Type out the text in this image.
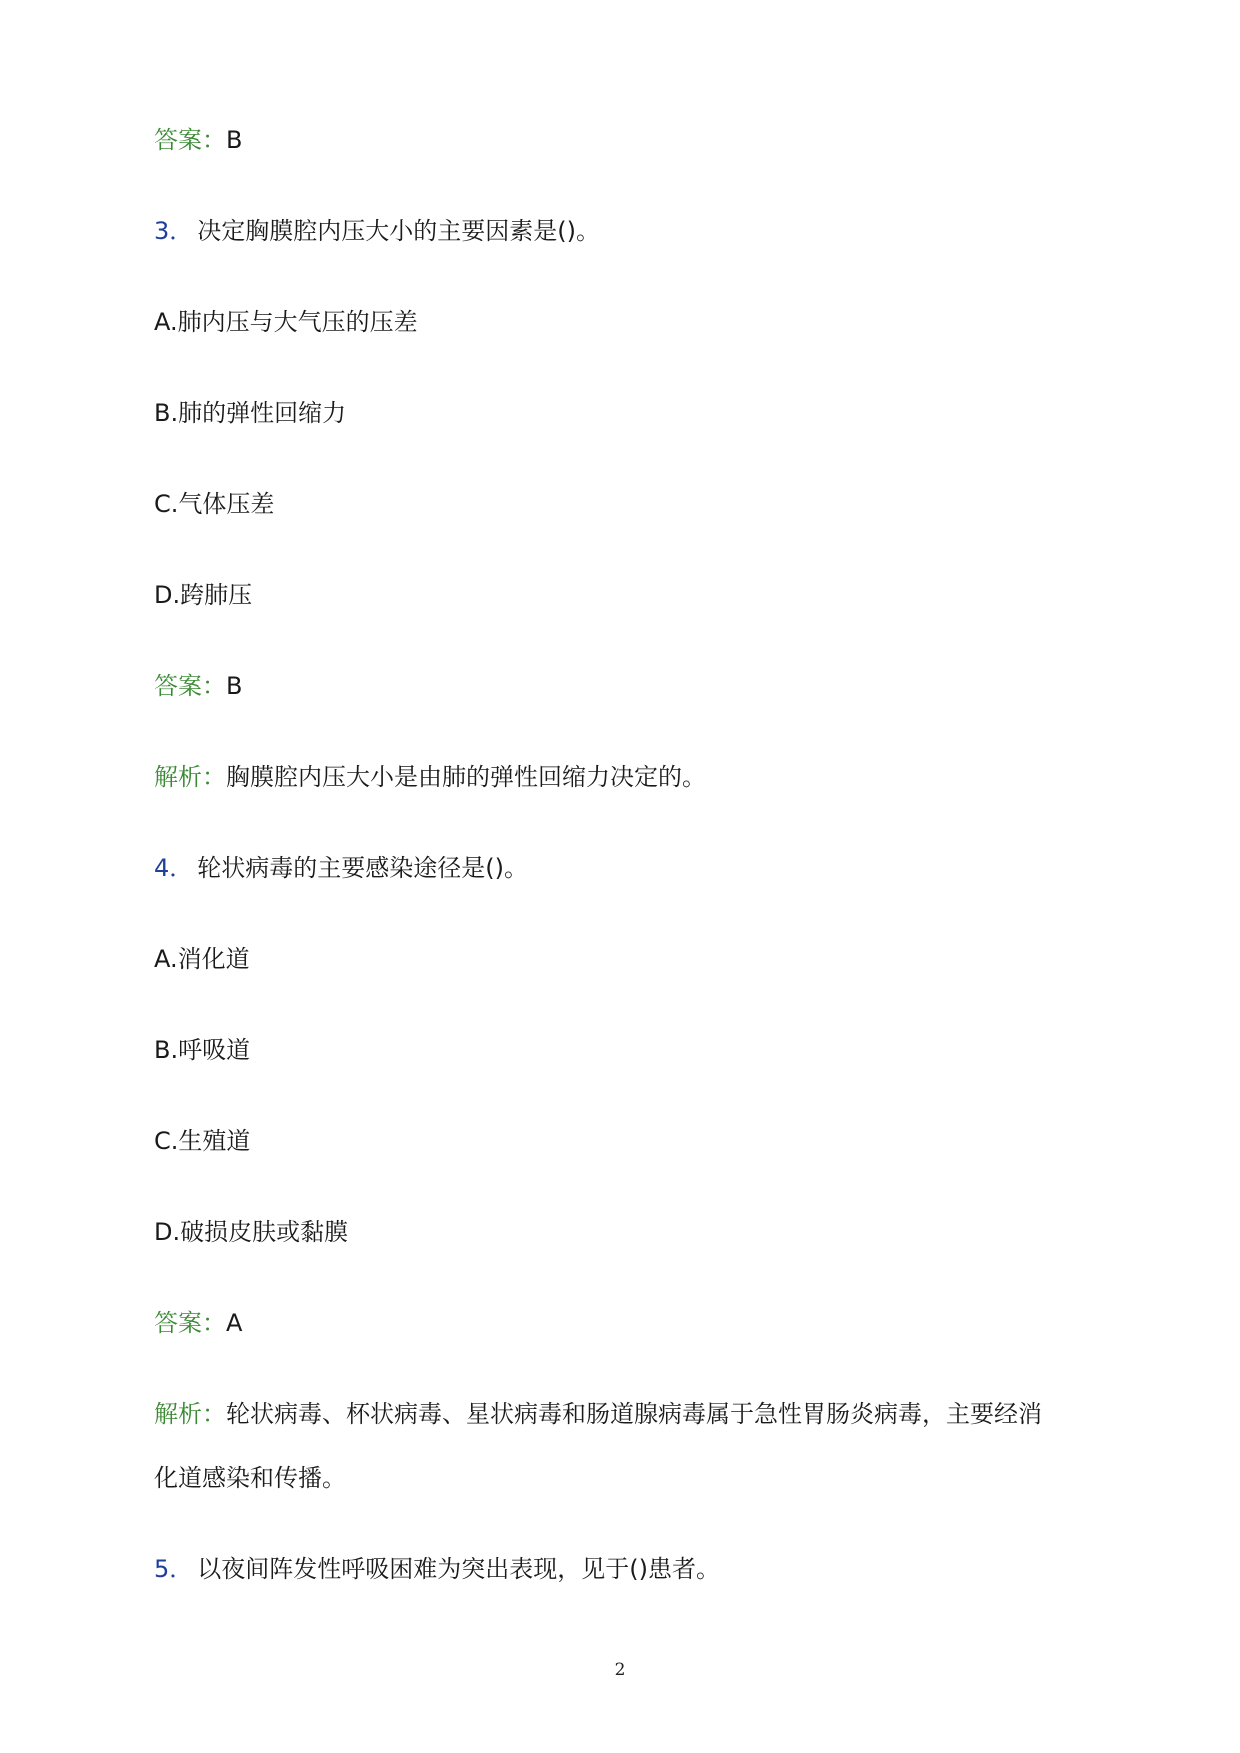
答案：B
3． 决定胸膜腔内压大小的主要因素是()。
A.肺内压与大气压的压差
B.肺的弹性回缩力
C.气体压差
D.跨肺压
答案：B
解析：胸膜腔内压大小是由肺的弹性回缩力决定的。
4． 轮状病毒的主要感染途径是()。
A.消化道
B.呼吸道
C.生殖道
D.破损皮肤或黏膜
答案：A
解析：轮状病毒、杯状病毒、星状病毒和肠道腺病毒属于急性胃肠炎病毒，主要经消
化道感染和传播。
5． 以夜间阵发性呼吸困难为突出表现，见于()患者。
2
